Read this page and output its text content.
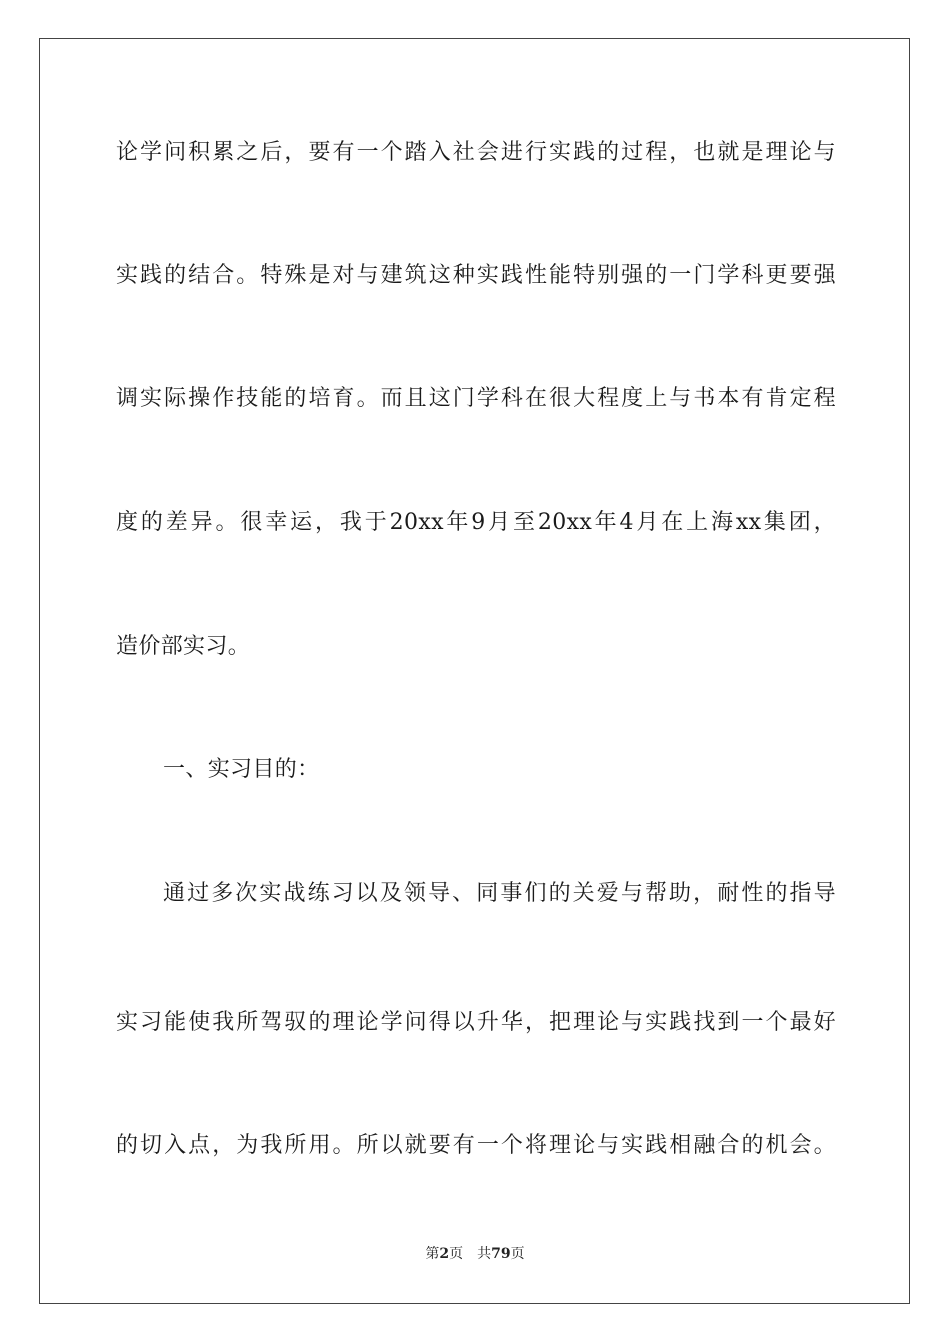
论学问积累之后，要有一个踏入社会进行实践的过程，也就是理论与
实践的结合。特殊是对与建筑这种实践性能特别强的一门学科更要强
调实际操作技能的培育。而且这门学科在很大程度上与书本有肯定程
度的差异。很幸运，我于20xx年9月至20xx年4月在上海xx集团，
造价部实习。
一、实习目的：
通过多次实战练习以及领导、同事们的关爱与帮助，耐性的指导
实习能使我所驾驭的理论学问得以升华，把理论与实践找到一个最好
的切入点，为我所用。所以就要有一个将理论与实践相融合的机会。
第2页 共79页
